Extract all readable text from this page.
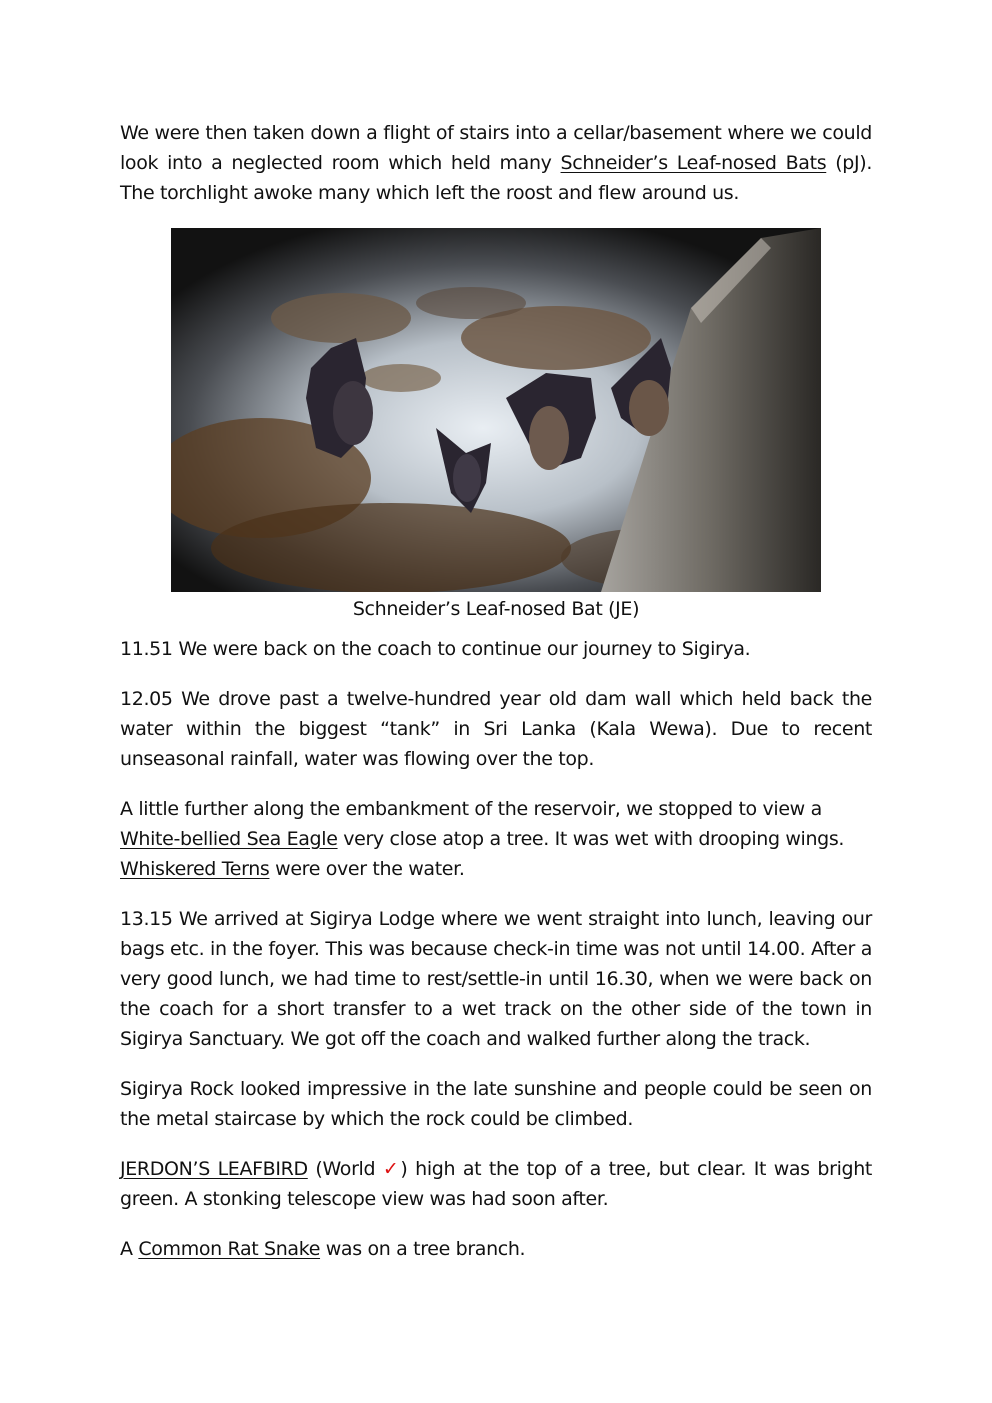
We were then taken down a flight of stairs into a cellar/basement where we could look into a neglected room which held many Schneider’s Leaf-nosed Bats (pJ). The torchlight awoke many which left the roost and flew around us.

Schneider’s Leaf-nosed Bat (JE)

11.51 We were back on the coach to continue our journey to Sigirya.

12.05 We drove past a twelve-hundred year old dam wall which held back the water within the biggest “tank” in Sri Lanka (Kala Wewa). Due to recent unseasonal rainfall, water was flowing over the top.

A little further along the embankment of the reservoir, we stopped to view a White-bellied Sea Eagle very close atop a tree. It was wet with drooping wings. Whiskered Terns were over the water.

13.15 We arrived at Sigirya Lodge where we went straight into lunch, leaving our bags etc. in the foyer. This was because check-in time was not until 14.00. After a very good lunch, we had time to rest/settle-in until 16.30, when we were back on the coach for a short transfer to a wet track on the other side of the town in Sigirya Sanctuary. We got off the coach and walked further along the track.

Sigirya Rock looked impressive in the late sunshine and people could be seen on the metal staircase by which the rock could be climbed.

JERDON’S LEAFBIRD (World ✓) high at the top of a tree, but clear. It was bright green. A stonking telescope view was had soon after.

A Common Rat Snake was on a tree branch.
